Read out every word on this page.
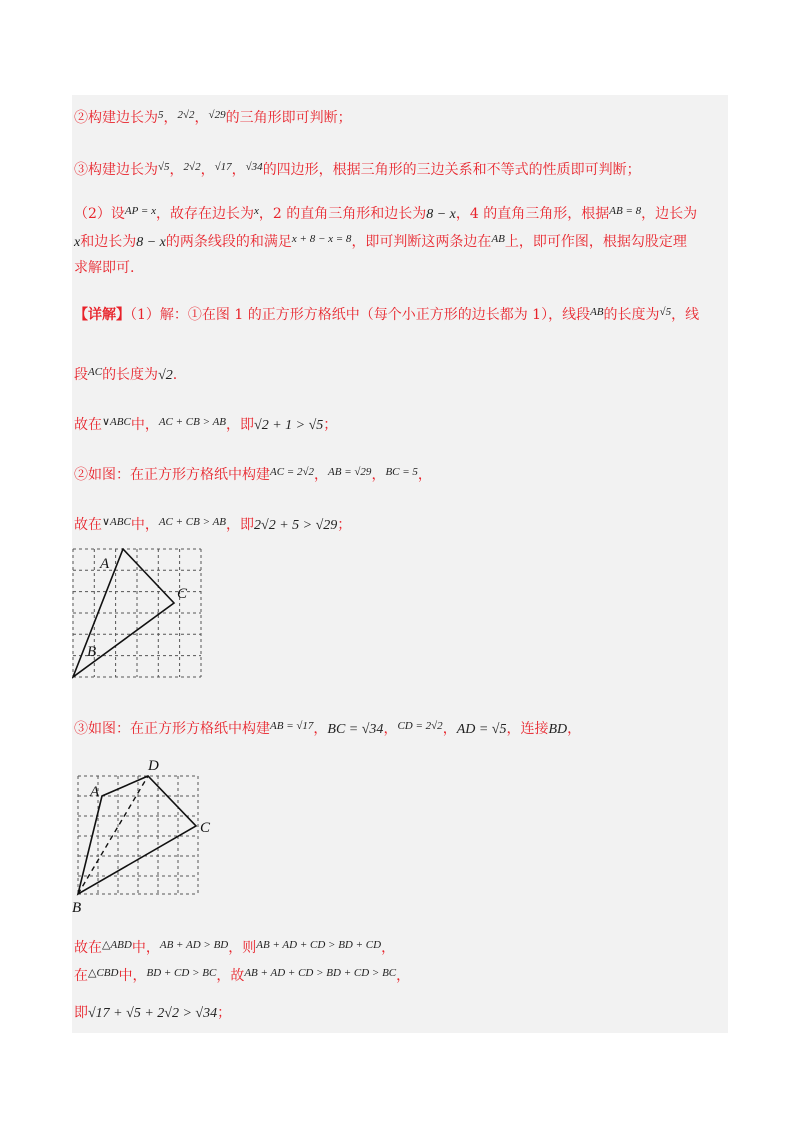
②构建边长为$^5$，$^{2√2}$，$^{√29}$的三角形即可判断；
③构建边长为$^{√5}$，$^{2√2}$，$^{√17}$，$^{√34}$的四边形，根据三角形的三边关系和不等式的性质即可判断；
（2）设$^{AP = x}$，故存在边长为$^x$，2 的直角三角形和边长为8 − x，4 的直角三角形，根据$^{AB = 8}$，边长为
x和边长为8 − x的两条线段的和满足$^{x + 8 - x = 8}$，即可判断这两条边在$^{AB}$上，即可作图，根据勾股定理
求解即可.
【详解】（1）解：①在图 1 的正方形方格纸中（每个小正方形的边长都为 1），线段$^{AB}$的长度为$^{√5}$，线
段$^{AC}$的长度为√2.
故在$^{\vee ABC}$中，$^{AC + CB > AB}$，即√2 + 1 > √5；
②如图：在正方形方格纸中构建$^{AC = 2√2}$，$^{AB = √29}$，$^{BC = 5}$，
故在$^{\vee ABC}$中，$^{AC + CB > AB}$，即2√2 + 5 > √29；
A
B
C
③如图：在正方形方格纸中构建$^{AB = √17}$，BC = √34，$^{CD = 2√2}$，AD = √5，连接BD，
A
B
C
D
故在$^{\triangle ABD}$中，$^{AB + AD > BD}$，则$^{AB + AD + CD > BD + CD}$，
在$^{\triangle CBD}$中，$^{BD + CD > BC}$，故$^{AB + AD + CD > BD + CD > BC}$，
即√17 + √5 + 2√2 > √34；
